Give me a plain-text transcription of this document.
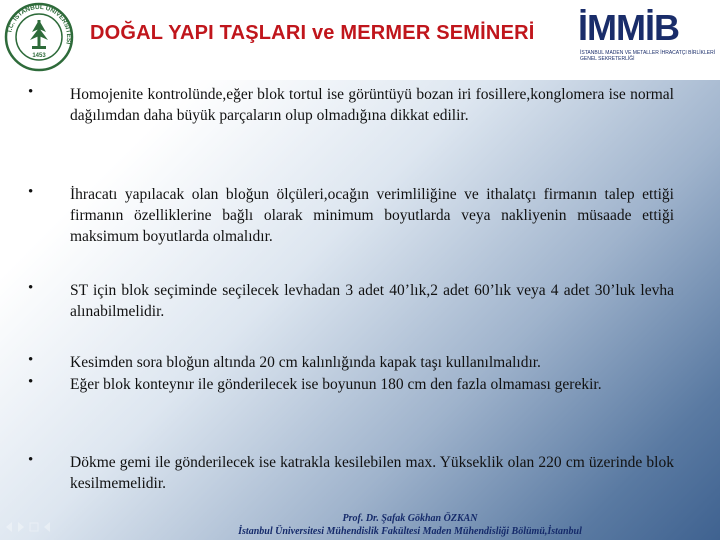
T.C. İSTANBUL ÜNİVERSİTESİ
1453
DOĞAL YAPI TAŞLARI ve MERMER SEMİNERİ	İMMİB
İSTANBUL MADEN VE METALLER İHRACATÇI BİRLİKLERİ
GENEL SEKRETERLİĞİ
• Homojenite kontrolünde,eğer blok tortul ise görüntüyü bozan iri fosillere,konglomera ise normal dağılımdan daha büyük parçaların olup olmadığına dikkat edilir.
• İhracatı yapılacak olan bloğun ölçüleri,ocağın verimliliğine ve ithalatçı firmanın talep ettiği firmanın özelliklerine bağlı olarak minimum boyutlarda veya nakliyenin müsaade ettiği maksimum boyutlarda olmalıdır.
• ST için blok seçiminde seçilecek levhadan 3 adet 40’lık,2 adet 60’lık veya 4 adet 30’luk levha alınabilmelidir.
• Kesimden sora bloğun altında 20 cm kalınlığında kapak taşı kullanılmalıdır.
• Eğer blok konteynır ile gönderilecek ise boyunun 180 cm den fazla olmaması gerekir.
• Dökme gemi ile gönderilecek ise katrakla kesilebilen max. Yükseklik olan 220 cm üzerinde blok kesilmemelidir.
Prof. Dr. Şafak Gökhan ÖZKAN
İstanbul Üniversitesi Mühendislik Fakültesi Maden Mühendisliği Bölümü,İstanbul
